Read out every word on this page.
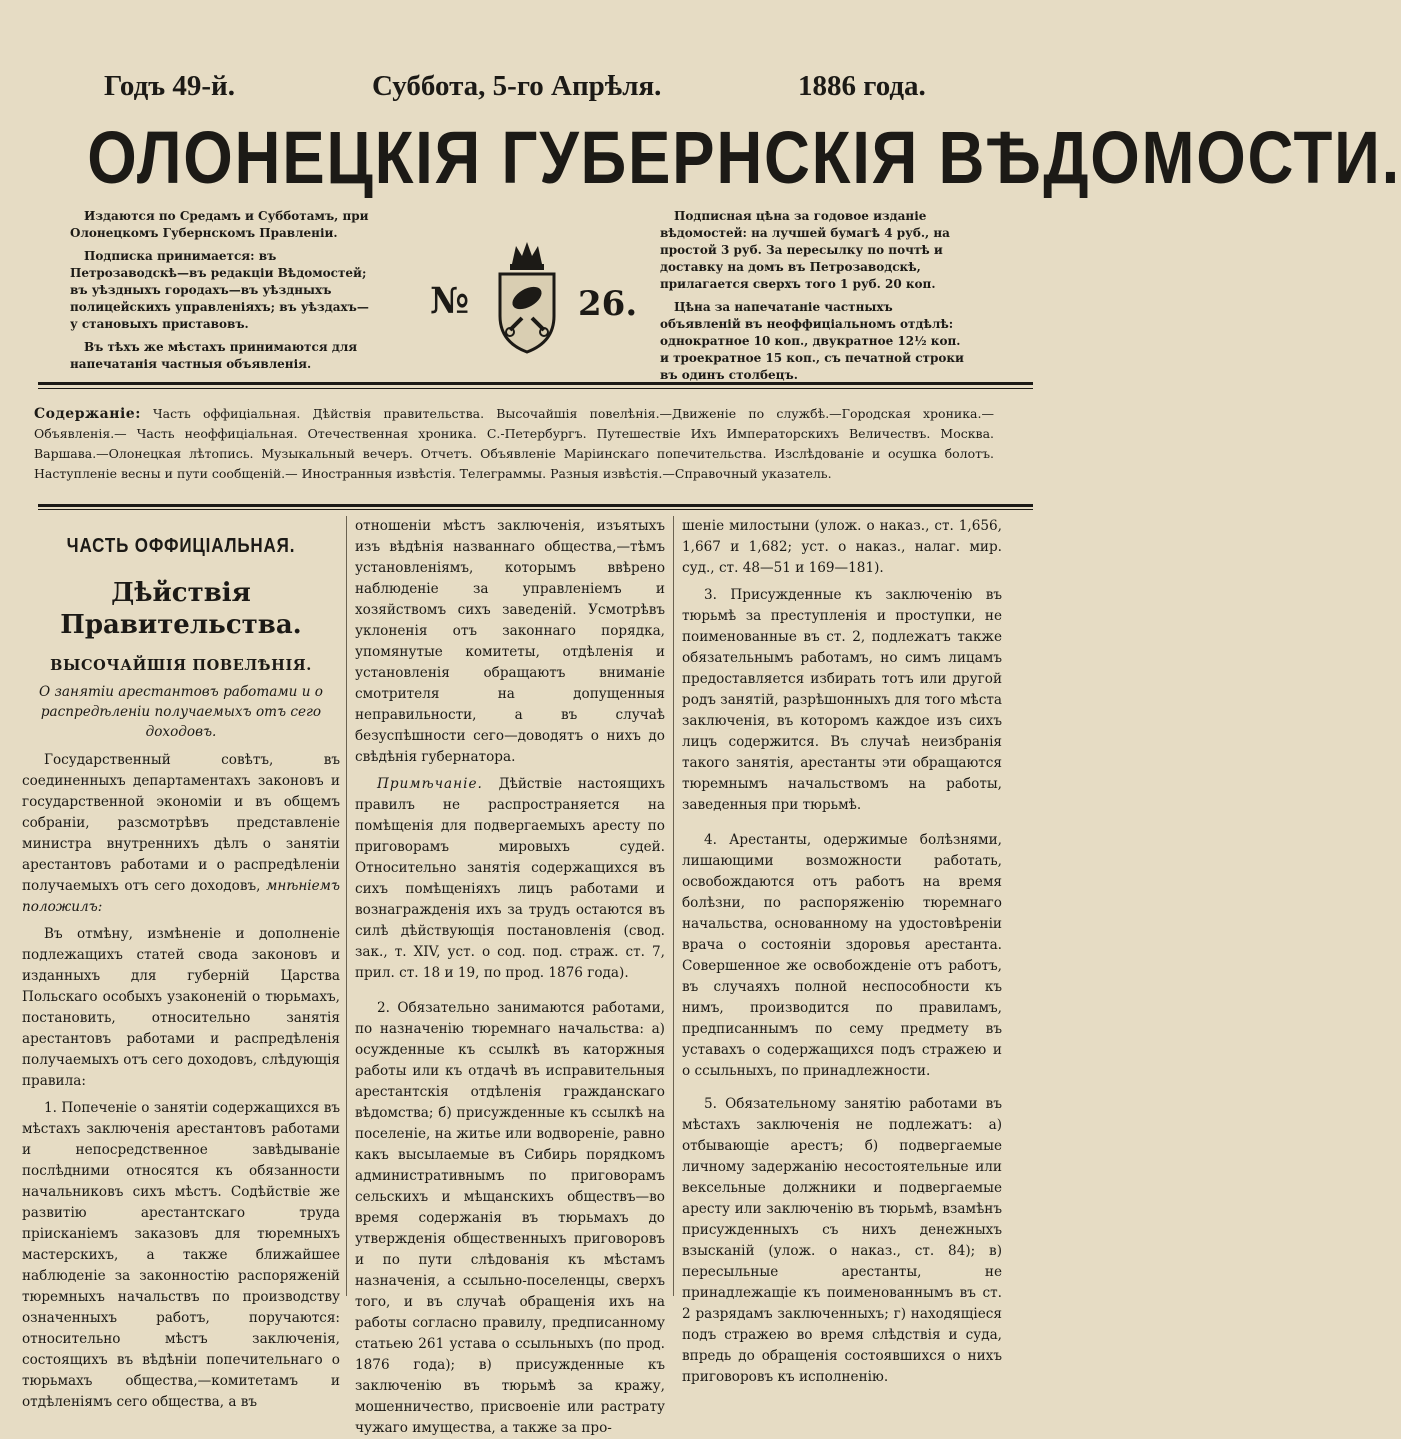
Годъ 49-й.	Суббота, 5-го Апрѣля.	1886 года.
ОЛОНЕЦКІЯ ГУБЕРНСКІЯ ВѢДОМОСТИ.

Издаются по Средамъ и Субботамъ, при Олонецкомъ Губернскомъ Правленіи.

Подписка принимается: въ Петрозаводскѣ—въ редакціи Вѣдомостей; въ уѣздныхъ городахъ—въ уѣздныхъ полицейскихъ управленіяхъ; въ уѣздахъ—у становыхъ приставовъ.

Въ тѣхъ же мѣстахъ принимаются для напечатанія частныя объявленія.

№	26.

Подписная цѣна за годовое изданіе вѣдомостей: на лучшей бумагѣ 4 руб., на простой 3 руб. За пересылку по почтѣ и доставку на домъ въ Петрозаводскѣ, прилагается сверхъ того 1 руб. 20 коп.

Цѣна за напечатаніе частныхъ объявленій въ неоффиціальномъ отдѣлѣ: однократное 10 коп., двукратное 12½ коп. и троекратное 15 коп., съ печатной строки въ одинъ столбецъ.

Содержаніе: Часть оффиціальная. Дѣйствія правительства. Высочайшія повелѣнія.—Движеніе по службѣ.—Городская хроника.—Объявленія.— Часть неоффиціальная. Отечественная хроника. С.-Петербургъ. Путешествіе Ихъ Императорскихъ Величествъ. Москва. Варшава.—Олонецкая лѣтопись. Музыкальный вечеръ. Отчетъ. Объявленіе Маріинскаго попечительства. Изслѣдованіе и осушка болотъ. Наступленіе весны и пути сообщеній.— Иностранныя извѣстія. Телеграммы. Разныя извѣстія.—Справочный указатель.
ЧАСТЬ ОФФИЦІАЛЬНАЯ.
Дѣйствія Правительства.
ВЫСОЧАЙШІЯ ПОВЕЛѢНІЯ.
О занятіи арестантовъ работами и о распредѣленіи получаемыхъ отъ сего доходовъ.

Государственный совѣтъ, въ соединенныхъ департаментахъ законовъ и государственной экономіи и въ общемъ собраніи, разсмотрѣвъ представленіе министра внутреннихъ дѣлъ о занятіи арестантовъ работами и о распредѣленіи получаемыхъ отъ сего доходовъ, мнѣніемъ положилъ:

Въ отмѣну, измѣненіе и дополненіе подлежащихъ статей свода законовъ и изданныхъ для губерній Царства Польскаго особыхъ узаконеній о тюрьмахъ, постановить, относительно занятія арестантовъ работами и распредѣленія получаемыхъ отъ сего доходовъ, слѣдующія правила:

1. Попеченіе о занятіи содержащихся въ мѣстахъ заключенія арестантовъ работами и непосредственное завѣдываніе послѣдними относятся къ обязанности начальниковъ сихъ мѣстъ. Содѣйствіе же развитію арестантскаго труда пріисканіемъ заказовъ для тюремныхъ мастерскихъ, а также ближайшее наблюденіе за законностію распоряженій тюремныхъ начальствъ по производству означенныхъ работъ, поручаются: относительно мѣстъ заключенія, состоящихъ въ вѣдѣніи попечительнаго о тюрьмахъ общества,—комитетамъ и отдѣленіямъ сего общества, а въ

отношеніи мѣстъ заключенія, изъятыхъ изъ вѣдѣнія названнаго общества,—тѣмъ установленіямъ, которымъ ввѣрено наблюденіе за управленіемъ и хозяйствомъ сихъ заведеній. Усмотрѣвъ уклоненія отъ законнаго порядка, упомянутые комитеты, отдѣленія и установленія обращаютъ вниманіе смотрителя на допущенныя неправильности, а въ случаѣ безуспѣшности сего—доводятъ о нихъ до свѣдѣнія губернатора.

Примѣчаніе. Дѣйствіе настоящихъ правилъ не распространяется на помѣщенія для подвергаемыхъ аресту по приговорамъ мировыхъ судей. Относительно занятія содержащихся въ сихъ помѣщеніяхъ лицъ работами и вознагражденія ихъ за трудъ остаются въ силѣ дѣйствующія постановленія (свод. зак., т. XIV, уст. о сод. под. страж. ст. 7, прил. ст. 18 и 19, по прод. 1876 года).

2. Обязательно занимаются работами, по назначенію тюремнаго начальства: а) осужденные къ ссылкѣ въ каторжныя работы или къ отдачѣ въ исправительныя арестантскія отдѣленія гражданскаго вѣдомства; б) присужденные къ ссылкѣ на поселеніе, на житье или водвореніе, равно какъ высылаемые въ Сибирь порядкомъ административнымъ по приговорамъ сельскихъ и мѣщанскихъ обществъ—во время содержанія въ тюрьмахъ до утвержденія общественныхъ приговоровъ и по пути слѣдованія къ мѣстамъ назначенія, а ссыльно-поселенцы, сверхъ того, и въ случаѣ обращенія ихъ на работы согласно правилу, предписанному статьею 261 устава о ссыльныхъ (по прод. 1876 года); в) присужденные къ заключенію въ тюрьмѣ за кражу, мошенничество, присвоеніе или растрату чужаго имущества, а также за про-

шеніе милостыни (улож. о наказ., ст. 1,656, 1,667 и 1,682; уст. о наказ., налаг. мир. суд., ст. 48—51 и 169—181).

3. Присужденные къ заключенію въ тюрьмѣ за преступленія и проступки, не поименованные въ ст. 2, подлежатъ также обязательнымъ работамъ, но симъ лицамъ предоставляется избирать тотъ или другой родъ занятій, разрѣшонныхъ для того мѣста заключенія, въ которомъ каждое изъ сихъ лицъ содержится. Въ случаѣ неизбранія такого занятія, арестанты эти обращаются тюремнымъ начальствомъ на работы, заведенныя при тюрьмѣ.

4. Арестанты, одержимые болѣзнями, лишающими возможности работать, освобождаются отъ работъ на время болѣзни, по распоряженію тюремнаго начальства, основанному на удостовѣреніи врача о состояніи здоровья арестанта. Совершенное же освобожденіе отъ работъ, въ случаяхъ полной неспособности къ нимъ, производится по правиламъ, предписаннымъ по сему предмету въ уставахъ о содержащихся подъ стражею и о ссыльныхъ, по принадлежности.

5. Обязательному занятію работами въ мѣстахъ заключенія не подлежатъ: а) отбывающіе арестъ; б) подвергаемые личному задержанію несостоятельные или вексельные должники и подвергаемые аресту или заключенію въ тюрьмѣ, взамѣнъ присужденныхъ съ нихъ денежныхъ взысканій (улож. о наказ., ст. 84); в) пересыльные арестанты, не принадлежащіе къ поименованнымъ въ ст. 2 разрядамъ заключенныхъ; г) находящіеся подъ стражею во время слѣдствія и суда, впредь до обращенія состоявшихся о нихъ приговоровъ къ исполненію.
